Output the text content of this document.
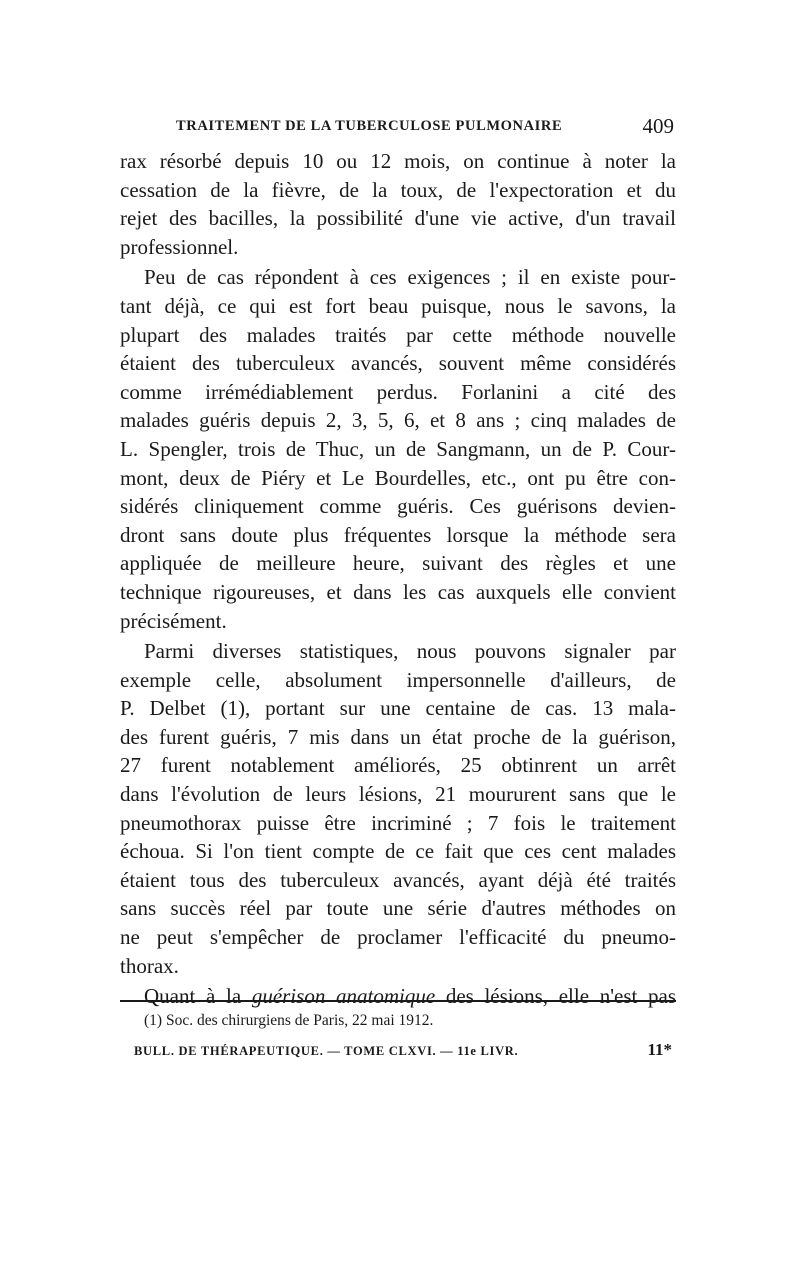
TRAITEMENT DE LA TUBERCULOSE PULMONAIRE	409

rax résorbé depuis 10 ou 12 mois, on continue à noter la
cessation de la fièvre, de la toux, de l'expectoration et du
rejet des bacilles, la possibilité d'une vie active, d'un travail
professionnel.

Peu de cas répondent à ces exigences ; il en existe pour-
tant déjà, ce qui est fort beau puisque, nous le savons, la
plupart des malades traités par cette méthode nouvelle
étaient des tuberculeux avancés, souvent même considérés
comme irrémédiablement perdus. Forlanini a cité des
malades guéris depuis 2, 3, 5, 6, et 8 ans ; cinq malades de
L. Spengler, trois de Thuc, un de Sangmann, un de P. Cour-
mont, deux de Piéry et Le Bourdelles, etc., ont pu être con-
sidérés cliniquement comme guéris. Ces guérisons devien-
dront sans doute plus fréquentes lorsque la méthode sera
appliquée de meilleure heure, suivant des règles et une
technique rigoureuses, et dans les cas auxquels elle convient
précisément.

Parmi diverses statistiques, nous pouvons signaler par
exemple celle, absolument impersonnelle d'ailleurs, de
P. Delbet (1), portant sur une centaine de cas. 13 mala-
des furent guéris, 7 mis dans un état proche de la guérison,
27 furent notablement améliorés, 25 obtinrent un arrêt
dans l'évolution de leurs lésions, 21 moururent sans que le
pneumothorax puisse être incriminé ; 7 fois le traitement
échoua. Si l'on tient compte de ce fait que ces cent malades
étaient tous des tuberculeux avancés, ayant déjà été traités
sans succès réel par toute une série d'autres méthodes on
ne peut s'empêcher de proclamer l'efficacité du pneumo-
thorax.

Quant à la guérison anatomique des lésions, elle n'est pas

(1) Soc. des chirurgiens de Paris, 22 mai 1912.
BULL. DE THÉRAPEUTIQUE. — TOME CLXVI. — 11e LIVR.	11*
